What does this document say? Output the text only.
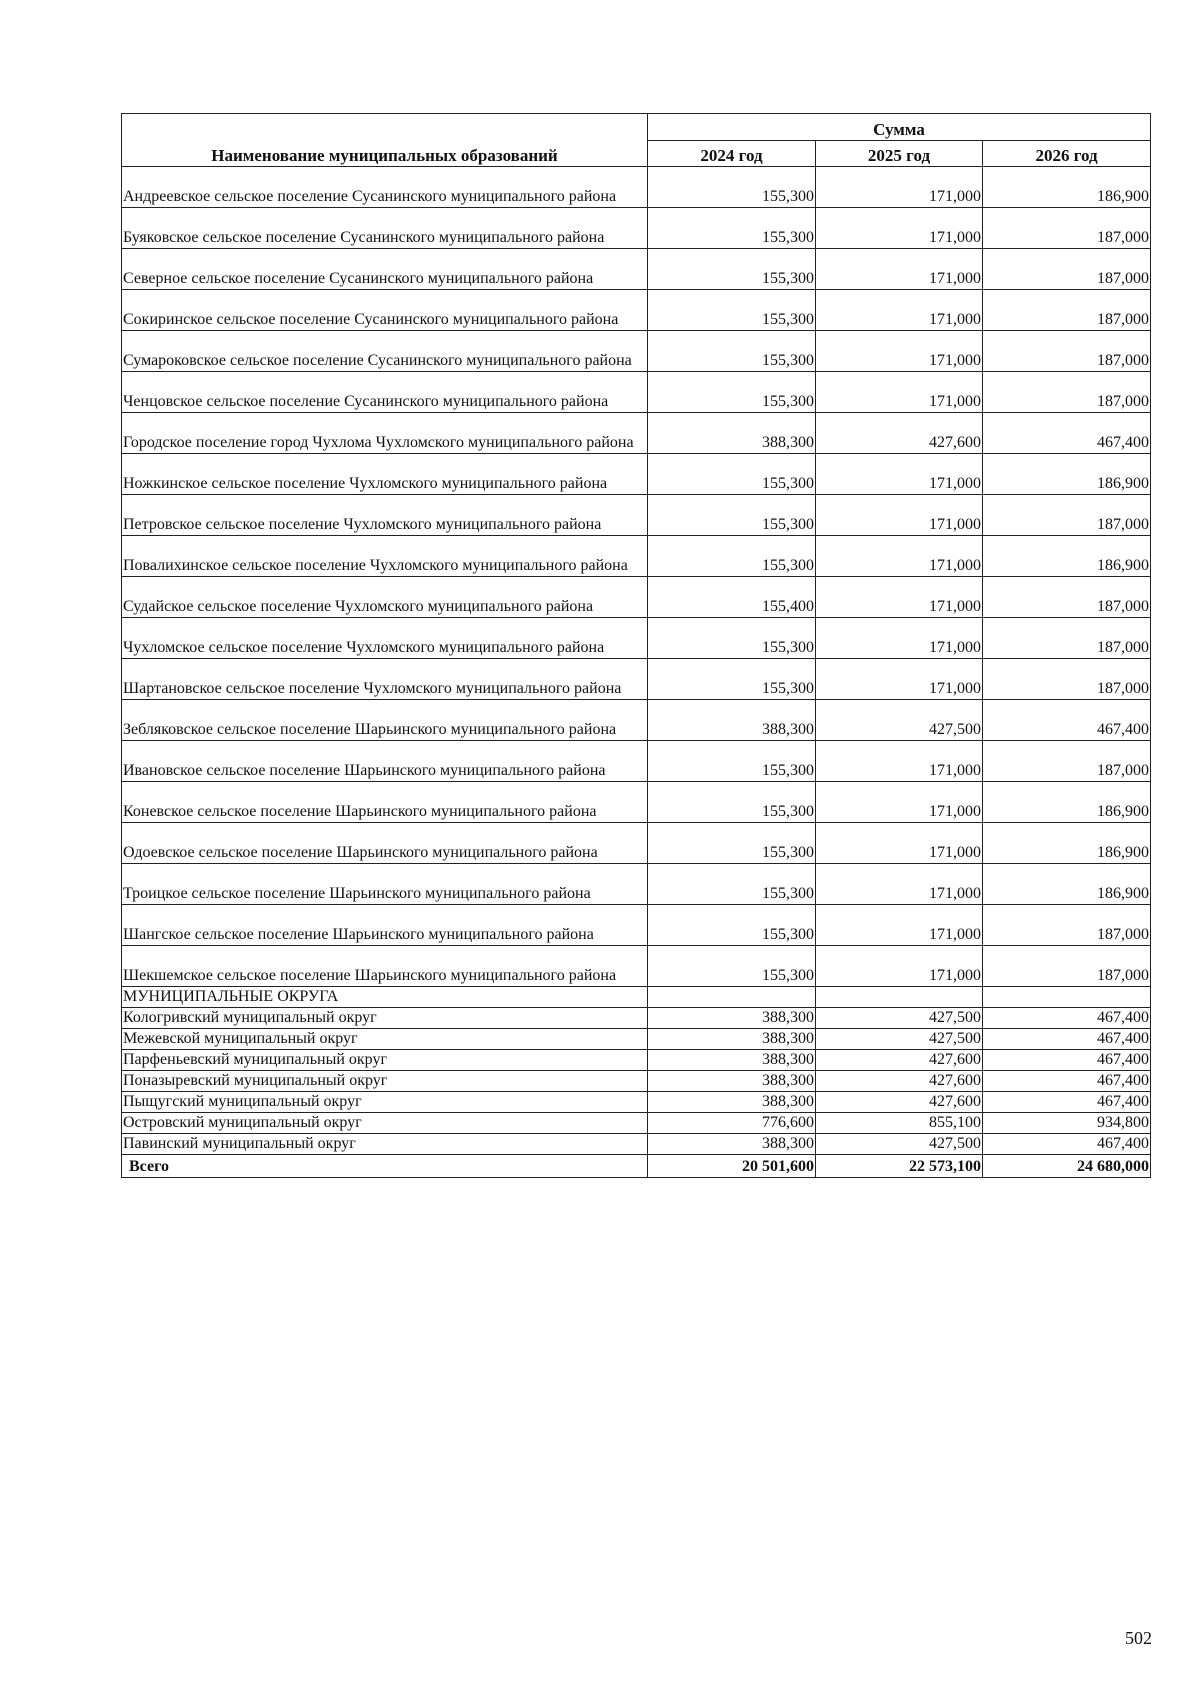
Наименование муниципальных образований	Сумма		
	2024 год	2025 год	2026 год
Андреевское сельское поселение Сусанинского муниципального района	155,300	171,000	186,900
Буяковское сельское поселение Сусанинского муниципального района	155,300	171,000	187,000
Северное сельское поселение Сусанинского муниципального района	155,300	171,000	187,000
Сокиринское сельское поселение Сусанинского муниципального района	155,300	171,000	187,000
Сумароковское сельское поселение Сусанинского муниципального района	155,300	171,000	187,000
Ченцовское сельское поселение Сусанинского муниципального района	155,300	171,000	187,000
Городское поселение город Чухлома Чухломского муниципального района	388,300	427,600	467,400
Ножкинское сельское поселение Чухломского муниципального района	155,300	171,000	186,900
Петровское сельское поселение Чухломского муниципального района	155,300	171,000	187,000
Повалихинское сельское поселение Чухломского муниципального района	155,300	171,000	186,900
Судайское сельское поселение Чухломского муниципального района	155,400	171,000	187,000
Чухломское сельское поселение Чухломского муниципального района	155,300	171,000	187,000
Шартановское сельское поселение Чухломского муниципального района	155,300	171,000	187,000
Зебляковское сельское поселение Шарьинского муниципального района	388,300	427,500	467,400
Ивановское сельское поселение Шарьинского муниципального района	155,300	171,000	187,000
Коневское сельское поселение Шарьинского муниципального района	155,300	171,000	186,900
Одоевское сельское поселение Шарьинского муниципального района	155,300	171,000	186,900
Троицкое сельское поселение Шарьинского муниципального района	155,300	171,000	186,900
Шангское сельское поселение Шарьинского муниципального района	155,300	171,000	187,000
Шекшемское сельское поселение Шарьинского муниципального района	155,300	171,000	187,000
МУНИЦИПАЛЬНЫЕ ОКРУГА			
Кологривский муниципальный округ	388,300	427,500	467,400
Межевской муниципальный округ	388,300	427,500	467,400
Парфеньевский муниципальный округ	388,300	427,600	467,400
Поназыревский муниципальный округ	388,300	427,600	467,400
Пыщугский муниципальный округ	388,300	427,600	467,400
Островский муниципальный округ	776,600	855,100	934,800
Павинский муниципальный округ	388,300	427,500	467,400
Всего	20 501,600	22 573,100	24 680,000
502
